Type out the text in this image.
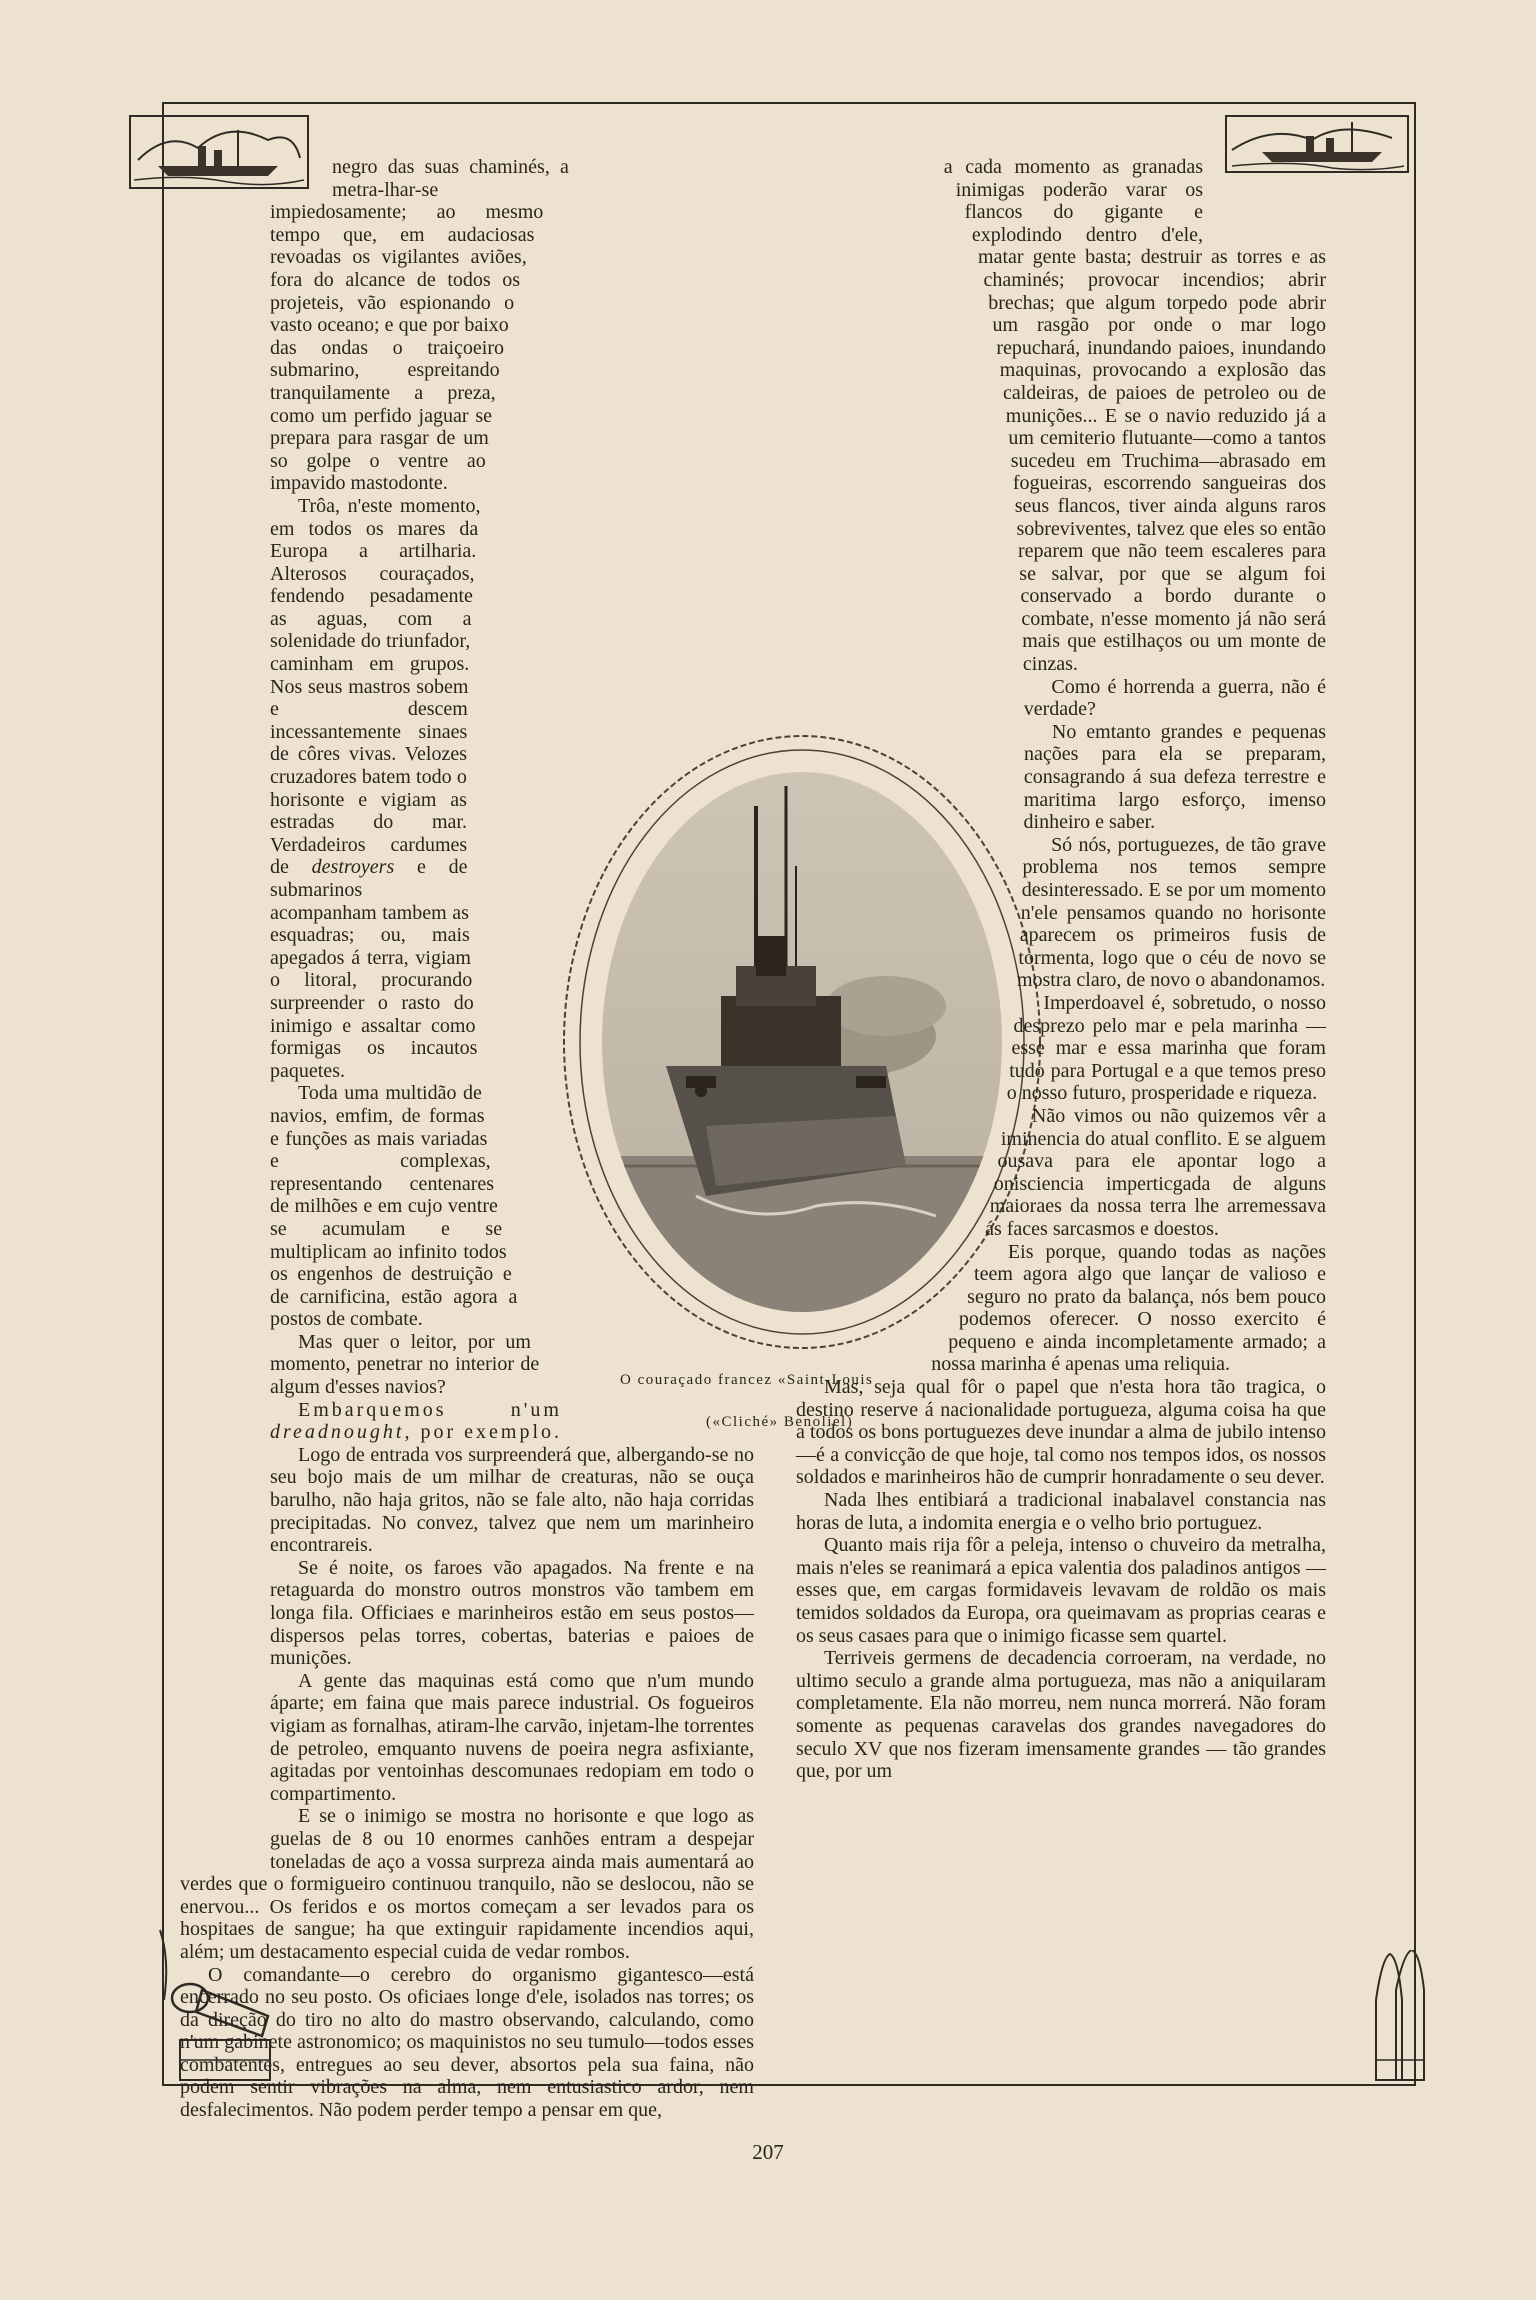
negro das suas chaminés, a metra-lhar-se impiedosamente; ao mesmo tempo que, em audaciosas revoadas os vigilantes aviões, fora do alcance de todos os projeteis, vão espionando o vasto oceano; e que por baixo das ondas o traiçoeiro submarino, espreitando tranquilamente a preza, como um perfido jaguar se prepara para rasgar de um so golpe o ventre ao impavido mastodonte.

Trôa, n'este momento, em todos os mares da Europa a artilharia. Alterosos couraçados, fendendo pesadamente as aguas, com a solenidade do triunfador, caminham em grupos. Nos seus mastros sobem e descem incessantemente sinaes de côres vivas. Velozes cruzadores batem todo o horisonte e vigiam as estradas do mar. Verdadeiros cardumes de destroyers e de submarinos acompanham tambem as esquadras; ou, mais apegados á terra, vigiam o litoral, procurando surpreender o rasto do inimigo e assaltar como formigas os incautos paquetes.

Toda uma multidão de navios, emfim, de formas e funções as mais variadas e complexas, representando centenares de milhões e em cujo ventre se acumulam e se multiplicam ao infinito todos os engenhos de destruição e de carnificina, estão agora a postos de combate.

Mas quer o leitor, por um momento, penetrar no interior de algum d'esses navios?

Embarquemos n'um dreadnought, por exemplo.

Logo de entrada vos surpreenderá que, albergando-se no seu bojo mais de um milhar de creaturas, não se ouça barulho, não haja gritos, não se fale alto, não haja corridas precipitadas. No convez, talvez que nem um marinheiro encontrareis.

Se é noite, os faroes vão apagados. Na frente e na retaguarda do monstro outros monstros vão tambem em longa fila. Officiaes e marinheiros estão em seus postos—dispersos pelas torres, cobertas, baterias e paioes de munições.

A gente das maquinas está como que n'um mundo áparte; em faina que mais parece industrial. Os fogueiros vigiam as fornalhas, atiram-lhe carvão, injetam-lhe torrentes de petroleo, emquanto nuvens de poeira negra asfixiante, agitadas por ventoinhas descomunaes redopiam em todo o compartimento.

E se o inimigo se mostra no horisonte e que logo as guelas de 8 ou 10 enormes canhões entram a despejar toneladas de aço a vossa surpreza ainda mais aumentará ao verdes que o formigueiro continuou tranquilo, não se deslocou, não se enervou... Os feridos e os mortos começam a ser levados para os hospitaes de sangue; ha que extinguir rapidamente incendios aqui, além; um destacamento especial cuida de vedar rombos.

O comandante—o cerebro do organismo gigantesco—está encerrado no seu posto. Os oficiaes longe d'ele, isolados nas torres; os da direção do tiro no alto do mastro observando, calculando, como n'um gabinete astronomico; os maquinistos no seu tumulo—todos esses combatentes, entregues ao seu dever, absortos pela sua faina, não podem sentir vibrações na alma, nem entusiastico ardor, nem desfalecimentos. Não podem perder tempo a pensar em que,

a cada momento as granadas inimigas poderão varar os flancos do gigante e explodindo dentro d'ele, matar gente basta; destruir as torres e as chaminés; provocar incendios; abrir brechas; que algum torpedo pode abrir um rasgão por onde o mar logo repuchará, inundando paioes, inundando maquinas, provocando a explosão das caldeiras, de paioes de petroleo ou de munições... E se o navio reduzido já a um cemiterio flutuante—como a tantos sucedeu em Truchima—abrasado em fogueiras, escorrendo sangueiras dos seus flancos, tiver ainda alguns raros sobreviventes, talvez que eles so então reparem que não teem escaleres para se salvar, por que se algum foi conservado a bordo durante o combate, n'esse momento já não será mais que estilhaços ou um monte de cinzas.

Como é horrenda a guerra, não é verdade?

No emtanto grandes e pequenas nações para ela se preparam, consagrando á sua defeza terrestre e maritima largo esforço, imenso dinheiro e saber.

Só nós, portuguezes, de tão grave problema nos temos sempre desinteressado. E se por um momento n'ele pensamos quando no horisonte aparecem os primeiros fusis de tormenta, logo que o céu de novo se mostra claro, de novo o abandonamos.

Imperdoavel é, sobretudo, o nosso desprezo pelo mar e pela marinha — esse mar e essa marinha que foram tudo para Portugal e a que temos preso o nosso futuro, prosperidade e riqueza.

Não vimos ou não quizemos vêr a iminencia do atual conflito. E se alguem ousava para ele apontar logo a onisciencia imperticgada de alguns maioraes da nossa terra lhe arremessava ás faces sarcasmos e doestos.

Eis porque, quando todas as nações teem agora algo que lançar de valioso e seguro no prato da balança, nós bem pouco podemos oferecer. O nosso exercito é pequeno e ainda incompletamente armado; a nossa marinha é apenas uma reliquia.

Mas, seja qual fôr o papel que n'esta hora tão tragica, o destino reserve á nacionalidade portugueza, alguma coisa ha que a todos os bons portuguezes deve inundar a alma de jubilo intenso—é a convicção de que hoje, tal como nos tempos idos, os nossos soldados e marinheiros hão de cumprir honradamente o seu dever.

Nada lhes entibiará a tradicional inabalavel constancia nas horas de luta, a indomita energia e o velho brio portuguez.

Quanto mais rija fôr a peleja, intenso o chuveiro da metralha, mais n'eles se reanimará a epica valentia dos paladinos antigos — esses que, em cargas formidaveis levavam de roldão os mais temidos soldados da Europa, ora queimavam as proprias cearas e os seus casaes para que o inimigo ficasse sem quartel.

Terriveis germens de decadencia corroeram, na verdade, no ultimo seculo a grande alma portugueza, mas não a aniquilaram completamente. Ela não morreu, nem nunca morrerá. Não foram somente as pequenas caravelas dos grandes navegadores do seculo XV que nos fizeram imensamente grandes — tão grandes que, por um

O couraçado francez «Saint-Louis
(«Cliché» Benoliel)
207
